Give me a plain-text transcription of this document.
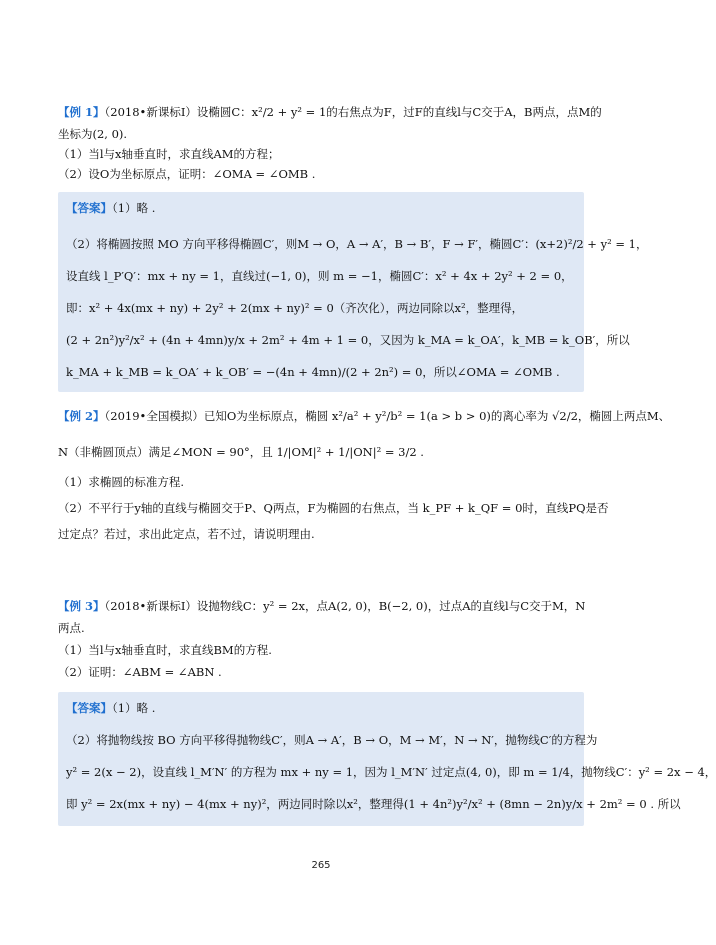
【例 1】（2018•新课标Ⅰ）设椭圆C：x²/2 + y² = 1的右焦点为F，过F的直线l与C交于A，B两点，点M的
坐标为(2, 0).
（1）当l与x轴垂直时，求直线AM的方程；
（2）设O为坐标原点，证明：∠OMA = ∠OMB .
【答案】（1）略 .
（2）将椭圆按照 MO 方向平移得椭圆C′，则M → O，A → A′，B → B′，F → F′，椭圆C′：(x+2)²/2 + y² = 1，
设直线 l_P′Q′：mx + ny = 1，直线过(−1, 0)，则 m = −1，椭圆C′：x² + 4x + 2y² + 2 = 0，
即：x² + 4x(mx + ny) + 2y² + 2(mx + ny)² = 0（齐次化），两边同除以x²，整理得，
(2 + 2n²)y²/x² + (4n + 4mn)y/x + 2m² + 4m + 1 = 0，又因为 k_MA = k_OA′，k_MB = k_OB′，所以
k_MA + k_MB = k_OA′ + k_OB′ = −(4n + 4mn)/(2 + 2n²) = 0，所以∠OMA = ∠OMB .
【例 2】（2019•全国模拟）已知O为坐标原点，椭圆 x²/a² + y²/b² = 1(a > b > 0)的离心率为 √2/2，椭圆上两点M、
N（非椭圆顶点）满足∠MON = 90°，且 1/|OM|² + 1/|ON|² = 3/2 .
（1）求椭圆的标准方程.
（2）不平行于y轴的直线与椭圆交于P、Q两点，F为椭圆的右焦点，当 k_PF + k_QF = 0时，直线PQ是否
过定点？若过，求出此定点，若不过，请说明理由.
【例 3】（2018•新课标Ⅰ）设抛物线C：y² = 2x，点A(2, 0)，B(−2, 0)，过点A的直线l与C交于M，N
两点.
（1）当l与x轴垂直时，求直线BM的方程.
（2）证明：∠ABM = ∠ABN .
【答案】（1）略 .
（2）将抛物线按 BO 方向平移得抛物线C′，则A → A′，B → O，M → M′，N → N′，抛物线C′的方程为
y² = 2(x − 2)，设直线 l_M′N′ 的方程为 mx + ny = 1，因为 l_M′N′ 过定点(4, 0)，即 m = 1/4，抛物线C′：y² = 2x − 4，
即 y² = 2x(mx + ny) − 4(mx + ny)²，两边同时除以x²，整理得(1 + 4n²)y²/x² + (8mn − 2n)y/x + 2m² = 0 . 所以
265
